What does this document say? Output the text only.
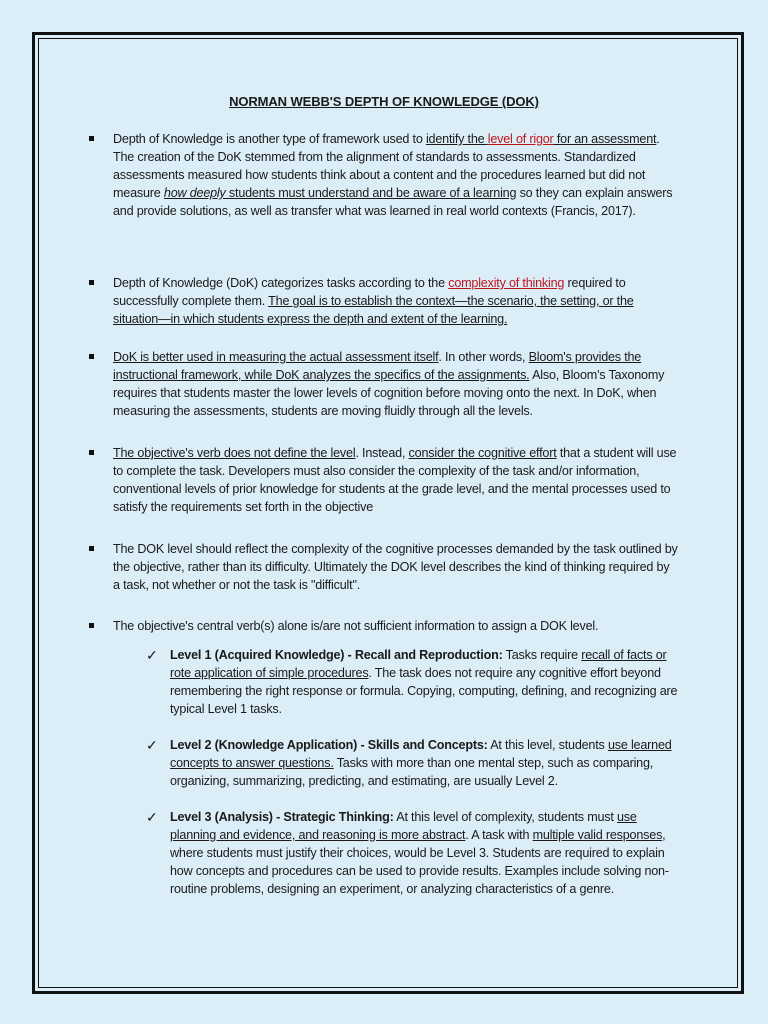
NORMAN WEBB'S DEPTH OF KNOWLEDGE (DOK)
Depth of Knowledge is another type of framework used to identify the level of rigor for an assessment. The creation of the DoK stemmed from the alignment of standards to assessments. Standardized assessments measured how students think about a content and the procedures learned but did not measure how deeply students must understand and be aware of a learning so they can explain answers and provide solutions, as well as transfer what was learned in real world contexts (Francis, 2017).
Depth of Knowledge (DoK) categorizes tasks according to the complexity of thinking required to successfully complete them. The goal is to establish the context—the scenario, the setting, or the situation—in which students express the depth and extent of the learning.
DoK is better used in measuring the actual assessment itself. In other words, Bloom's provides the instructional framework, while DoK analyzes the specifics of the assignments. Also, Bloom's Taxonomy requires that students master the lower levels of cognition before moving onto the next. In DoK, when measuring the assessments, students are moving fluidly through all the levels.
The objective's verb does not define the level. Instead, consider the cognitive effort that a student will use to complete the task. Developers must also consider the complexity of the task and/or information, conventional levels of prior knowledge for students at the grade level, and the mental processes used to satisfy the requirements set forth in the objective
The DOK level should reflect the complexity of the cognitive processes demanded by the task outlined by the objective, rather than its difficulty. Ultimately the DOK level describes the kind of thinking required by a task, not whether or not the task is "difficult".
The objective's central verb(s) alone is/are not sufficient information to assign a DOK level.
✓ Level 1 (Acquired Knowledge) - Recall and Reproduction: Tasks require recall of facts or rote application of simple procedures. The task does not require any cognitive effort beyond remembering the right response or formula. Copying, computing, defining, and recognizing are typical Level 1 tasks.
✓ Level 2 (Knowledge Application) - Skills and Concepts: At this level, students use learned concepts to answer questions. Tasks with more than one mental step, such as comparing, organizing, summarizing, predicting, and estimating, are usually Level 2.
✓ Level 3 (Analysis) - Strategic Thinking: At this level of complexity, students must use planning and evidence, and reasoning is more abstract. A task with multiple valid responses, where students must justify their choices, would be Level 3. Students are required to explain how concepts and procedures can be used to provide results. Examples include solving non-routine problems, designing an experiment, or analyzing characteristics of a genre.
